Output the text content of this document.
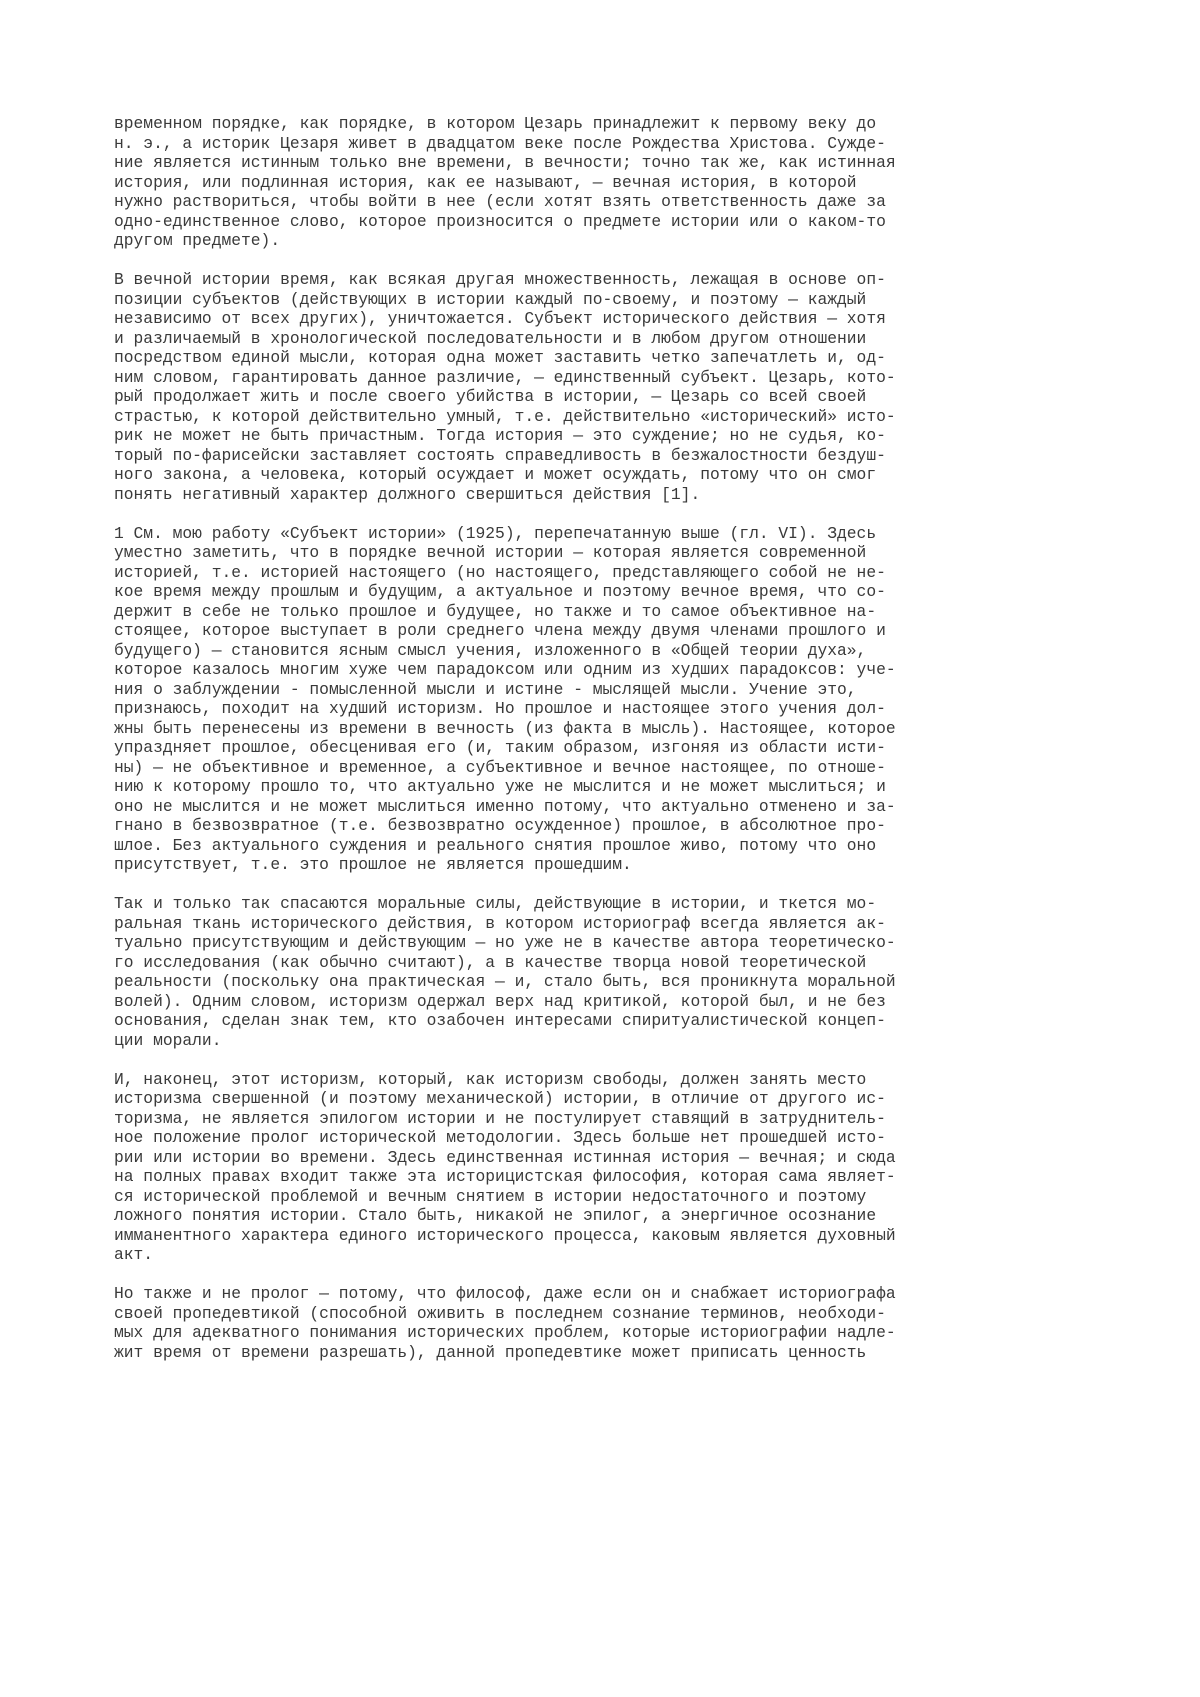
временном порядке, как порядке, в котором Цезарь принадлежит к первому веку до
н. э., а историк Цезаря живет в двадцатом веке после Рождества Христова. Сужде-
ние является истинным только вне времени, в вечности; точно так же, как истинная
история, или подлинная история, как ее называют, — вечная история, в которой
нужно раствориться, чтобы войти в нее (если хотят взять ответственность даже за
одно-единственное слово, которое произносится о предмете истории или о каком-то
другом предмете).
В вечной истории время, как всякая другая множественность, лежащая в основе оп-
позиции субъектов (действующих в истории каждый по-своему, и поэтому — каждый
независимо от всех других), уничтожается. Субъект исторического действия — хотя
и различаемый в хронологической последовательности и в любом другом отношении
посредством единой мысли, которая одна может заставить четко запечатлеть и, од-
ним словом, гарантировать данное различие, — единственный субъект. Цезарь, кото-
рый продолжает жить и после своего убийства в истории, — Цезарь со всей своей
страстью, к которой действительно умный, т.е. действительно «исторический» исто-
рик не может не быть причастным. Тогда история — это суждение; но не судья, ко-
торый по-фарисейски заставляет состоять справедливость в безжалостности бездуш-
ного закона, а человека, который осуждает и может осуждать, потому что он смог
понять негативный характер должного свершиться действия [1].
1 См. мою работу «Субъект истории» (1925), перепечатанную выше (гл. VI). Здесь
уместно заметить, что в порядке вечной истории — которая является современной
историей, т.е. историей настоящего (но настоящего, представляющего собой не не-
кое время между прошлым и будущим, а актуальное и поэтому вечное время, что со-
держит в себе не только прошлое и будущее, но также и то самое объективное на-
стоящее, которое выступает в роли среднего члена между двумя членами прошлого и
будущего) — становится ясным смысл учения, изложенного в «Общей теории духа»,
которое казалось многим хуже чем парадоксом или одним из худших парадоксов: уче-
ния о заблуждении - помысленной мысли и истине - мыслящей мысли. Учение это,
признаюсь, походит на худший историзм. Но прошлое и настоящее этого учения дол-
жны быть перенесены из времени в вечность (из факта в мысль). Настоящее, которое
упраздняет прошлое, обесценивая его (и, таким образом, изгоняя из области исти-
ны) — не объективное и временное, а субъективное и вечное настоящее, по отноше-
нию к которому прошло то, что актуально уже не мыслится и не может мыслиться; и
оно не мыслится и не может мыслиться именно потому, что актуально отменено и за-
гнано в безвозвратное (т.е. безвозвратно осужденное) прошлое, в абсолютное про-
шлое. Без актуального суждения и реального снятия прошлое живо, потому что оно
присутствует, т.е. это прошлое не является прошедшим.
Так и только так спасаются моральные силы, действующие в истории, и ткется мо-
ральная ткань исторического действия, в котором историограф всегда является ак-
туально присутствующим и действующим — но уже не в качестве автора теоретическо-
го исследования (как обычно считают), а в качестве творца новой теоретической
реальности (поскольку она практическая — и, стало быть, вся проникнута моральной
волей). Одним словом, историзм одержал верх над критикой, которой был, и не без
основания, сделан знак тем, кто озабочен интересами спиритуалистической концеп-
ции морали.
И, наконец, этот историзм, который, как историзм свободы, должен занять место
историзма свершенной (и поэтому механической) истории, в отличие от другого ис-
торизма, не является эпилогом истории и не постулирует ставящий в затруднитель-
ное положение пролог исторической методологии. Здесь больше нет прошедшей исто-
рии или истории во времени. Здесь единственная истинная история — вечная; и сюда
на полных правах входит также эта историцистская философия, которая сама являет-
ся исторической проблемой и вечным снятием в истории недостаточного и поэтому
ложного понятия истории. Стало быть, никакой не эпилог, а энергичное осознание
имманентного характера единого исторического процесса, каковым является духовный
акт.
Но также и не пролог — потому, что философ, даже если он и снабжает историографа
своей пропедевтикой (способной оживить в последнем сознание терминов, необходи-
мых для адекватного понимания исторических проблем, которые историографии надле-
жит время от времени разрешать), данной пропедевтике может приписать ценность
